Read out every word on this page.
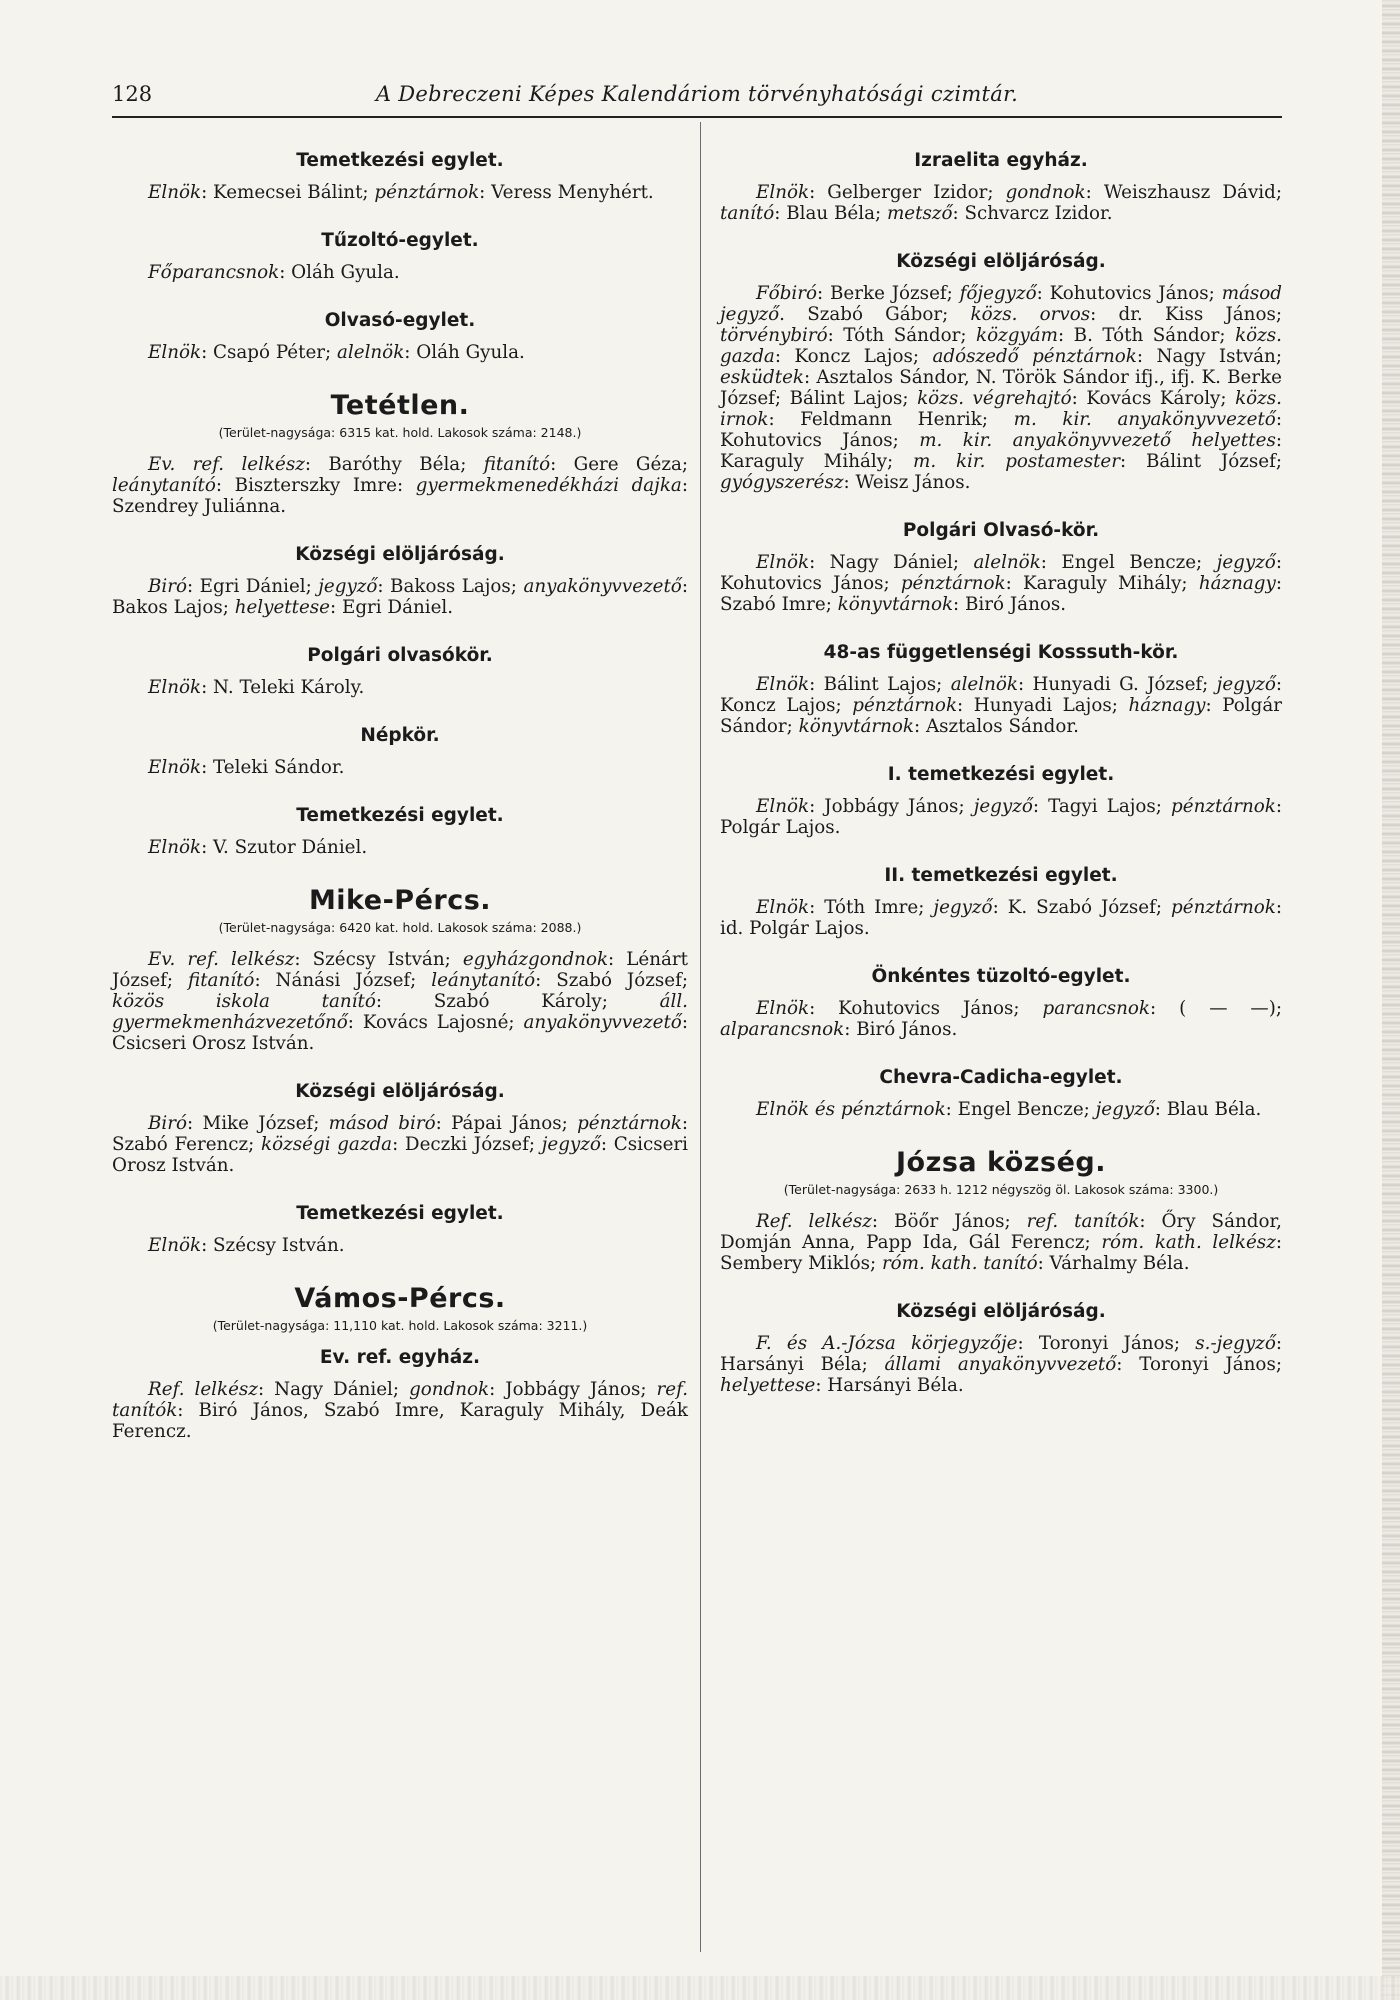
128	A Debreczeni Képes Kalendáriom törvényhatósági czimtár.
Temetkezési egylet.

Elnök: Kemecsei Bálint; pénztárnok: Veress Menyhért.

Tűzoltó-egylet.

Főparancsnok: Oláh Gyula.

Olvasó-egylet.

Elnök: Csapó Péter; alelnök: Oláh Gyula.

Tetétlen.
(Terület-nagysága: 6315 kat. hold. Lakosok száma: 2148.)

Ev. ref. lelkész: Baróthy Béla; fitanító: Gere Géza; leánytanító: Biszterszky Imre: gyermekmenedékházi dajka: Szendrey Juliánna.

Községi elöljáróság.

Biró: Egri Dániel; jegyző: Bakoss Lajos; anyakönyvvezető: Bakos Lajos; helyettese: Egri Dániel.

Polgári olvasókör.

Elnök: N. Teleki Károly.

Népkör.

Elnök: Teleki Sándor.

Temetkezési egylet.

Elnök: V. Szutor Dániel.

Mike-Pércs.
(Terület-nagysága: 6420 kat. hold. Lakosok száma: 2088.)

Ev. ref. lelkész: Szécsy István; egyházgondnok: Lénárt József; fitanító: Nánási József; leánytanító: Szabó József; közös iskola tanító: Szabó Károly; áll. gyermekmenházvezetőnő: Kovács Lajosné; anyakönyvvezető: Csicseri Orosz István.

Községi elöljáróság.

Biró: Mike József; másod biró: Pápai János; pénztárnok: Szabó Ferencz; községi gazda: Deczki József; jegyző: Csicseri Orosz István.

Temetkezési egylet.

Elnök: Szécsy István.

Vámos-Pércs.
(Terület-nagysága: 11,110 kat. hold. Lakosok száma: 3211.)
Ev. ref. egyház.

Ref. lelkész: Nagy Dániel; gondnok: Jobbágy János; ref. tanítók: Biró János, Szabó Imre, Karaguly Mihály, Deák Ferencz.

Izraelita egyház.

Elnök: Gelberger Izidor; gondnok: Weiszhausz Dávid; tanító: Blau Béla; metsző: Schvarcz Izidor.

Községi elöljáróság.

Főbiró: Berke József; főjegyző: Kohutovics János; másod jegyző. Szabó Gábor; közs. orvos: dr. Kiss János; törvénybiró: Tóth Sándor; közgyám: B. Tóth Sándor; közs. gazda: Koncz Lajos; adószedő pénztárnok: Nagy István; esküdtek: Asztalos Sándor, N. Török Sándor ifj., ifj. K. Berke József; Bálint Lajos; közs. végrehajtó: Kovács Károly; közs. irnok: Feldmann Henrik; m. kir. anyakönyvvezető: Kohutovics János; m. kir. anyakönyvvezető helyettes: Karaguly Mihály; m. kir. postamester: Bálint József; gyógyszerész: Weisz János.

Polgári Olvasó-kör.

Elnök: Nagy Dániel; alelnök: Engel Bencze; jegyző: Kohutovics János; pénztárnok: Karaguly Mihály; háznagy: Szabó Imre; könyvtárnok: Biró János.

48-as függetlenségi Kosssuth-kör.

Elnök: Bálint Lajos; alelnök: Hunyadi G. József; jegyző: Koncz Lajos; pénztárnok: Hunyadi Lajos; háznagy: Polgár Sándor; könyvtárnok: Asztalos Sándor.

I. temetkezési egylet.

Elnök: Jobbágy János; jegyző: Tagyi Lajos; pénztárnok: Polgár Lajos.

II. temetkezési egylet.

Elnök: Tóth Imre; jegyző: K. Szabó József; pénztárnok: id. Polgár Lajos.

Önkéntes tüzoltó-egylet.

Elnök: Kohutovics János; parancsnok: ( — —); alparancsnok: Biró János.

Chevra-Cadicha-egylet.

Elnök és pénztárnok: Engel Bencze; jegyző: Blau Béla.

Józsa község.
(Terület-nagysága: 2633 h. 1212 négyszög öl. Lakosok száma: 3300.)

Ref. lelkész: Böőr János; ref. tanítók: Őry Sándor, Domján Anna, Papp Ida, Gál Ferencz; róm. kath. lelkész: Sembery Miklós; róm. kath. tanító: Várhalmy Béla.

Községi elöljáróság.

F. és A.-Józsa körjegyzője: Toronyi János; s.-jegyző: Harsányi Béla; állami anyakönyvvezető: Toronyi János; helyettese: Harsányi Béla.
